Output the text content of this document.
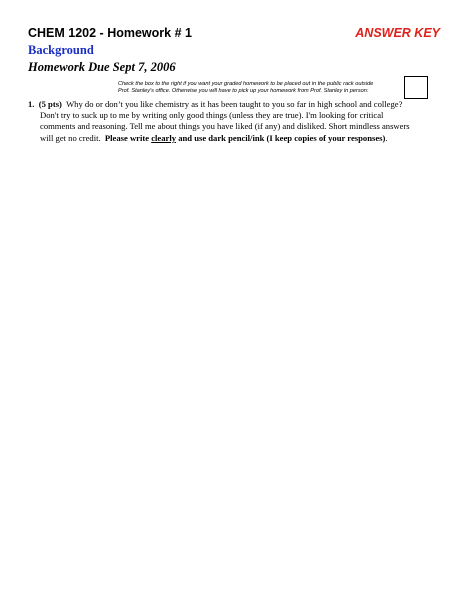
CHEM 1202 - Homework # 1	ANSWER KEY
Background
Homework Due Sept 7, 2006
Check the box to the right if you want your graded homework to be placed out in the public rack outside
Prof. Stanley's office. Otherwise you will have to pick up your homework from Prof. Stanley in person:
1. (5 pts) Why do or don’t you like chemistry as it has been taught to you so far in high school and college?
Don't try to suck up to me by writing only good things (unless they are true). I'm looking for critical
comments and reasoning. Tell me about things you have liked (if any) and disliked. Short mindless answers
will get no credit. Please write clearly and use dark pencil/ink (I keep copies of your responses).
